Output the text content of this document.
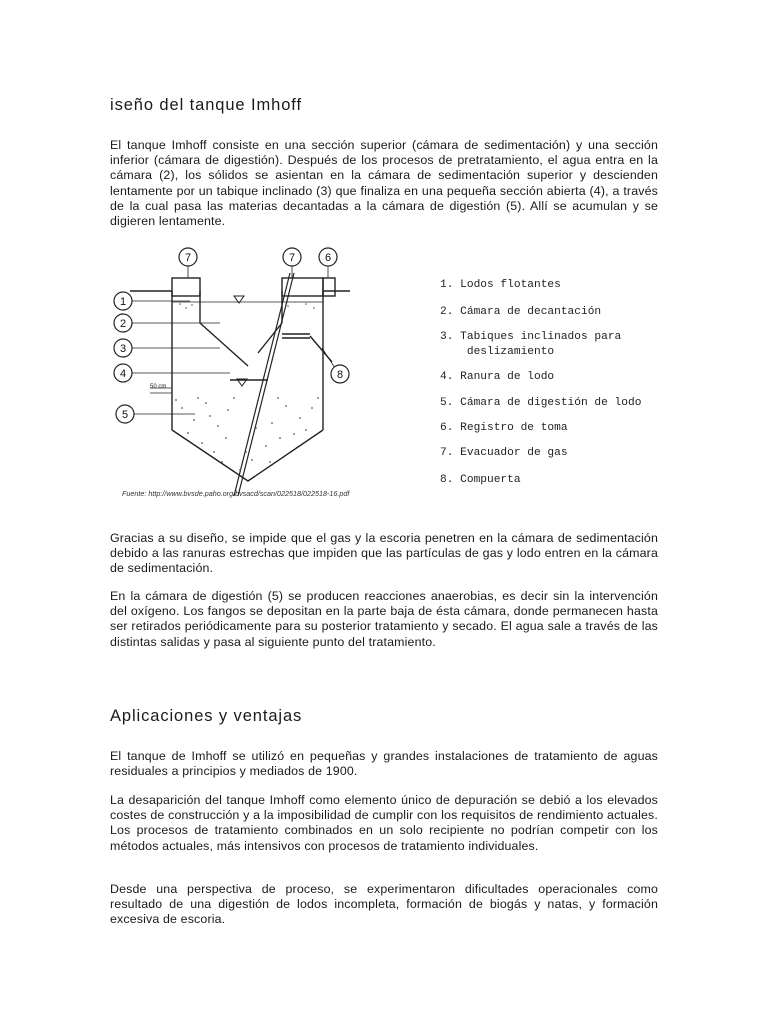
iseño del tanque Imhoff

El tanque Imhoff consiste en una sección superior (cámara de sedimentación) y una sección inferior (cámara de digestión). Después de los procesos de pretratamiento, el agua entra en la cámara (2), los sólidos se asientan en la cámara de sedimentación superior y descienden lentamente por un tabique inclinado (3) que finaliza en una pequeña sección abierta (4), a través de la cual pasa las materias decantadas a la cámara de digestión (5). Allí se acumulan y se digieren lentamente.

1
2
3
4
5
6
7	7
8
50 cm
1. Lodos flotantes
2. Cámara de decantación
3. Tabiques inclinados para
deslizamiento
4. Ranura de lodo
5. Cámara de digestión de lodo
6. Registro de toma
7. Evacuador de gas
8. Compuerta
Fuente: http://www.bvsde.paho.org/bvsacd/scan/022518/022518-16.pdf

Gracias a su diseño, se impide que el gas y la escoria penetren en la cámara de sedimentación debido a las ranuras estrechas que impiden que las partículas de gas y lodo entren en la cámara de sedimentación.

En la cámara de digestión (5) se producen reacciones anaerobias, es decir sin la intervención del oxígeno. Los fangos se depositan en la parte baja de ésta cámara, donde permanecen hasta ser retirados periódicamente para su posterior tratamiento y secado. El agua sale a través de las distintas salidas y pasa al siguiente punto del tratamiento.

Aplicaciones y ventajas

El tanque de Imhoff se utilizó en pequeñas y grandes instalaciones de tratamiento de aguas residuales a principios y mediados de 1900.

La desaparición del tanque Imhoff como elemento único de depuración se debió a los elevados costes de construcción y a la imposibilidad de cumplir con los requisitos de rendimiento actuales. Los procesos de tratamiento combinados en un solo recipiente no podrían competir con los métodos actuales, más intensivos con procesos de tratamiento individuales.

Desde una perspectiva de proceso, se experimentaron dificultades operacionales como resultado de una digestión de lodos incompleta, formación de biogás y natas, y formación excesiva de escoria.
